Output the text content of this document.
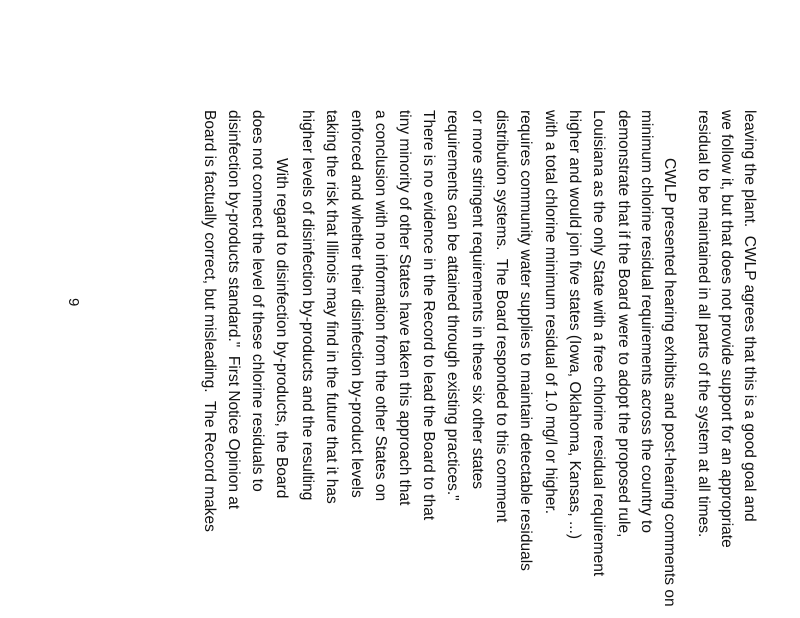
leaving the plant.  CWLP agrees that this is a good goal and
we follow it, but that does not provide support for an appropriate
residual to be maintained in all parts of the system at all times.
CWLP presented hearing exhibits and post-hearing comments on
minimum chlorine residual requirements across the country to
demonstrate that if the Board were to adopt the proposed rule,
Louisiana as the only State with a free chlorine residual requirement
higher and would join five states (Iowa, Oklahoma, Kansas, ...)
with a total chlorine minimum residual of 1.0 mg/l or higher.
requires community water supplies to maintain detectable residuals
distribution systems.  The Board responded to this comment
or more stringent requirements in these six other states
requirements can be attained through existing practices."
There is no evidence in the Record to lead the Board to that
tiny minority of other States have taken this approach that
a conclusion with no information from the other States on
enforced and whether their disinfection by-product levels
taking the risk that Illinois may find in the future that it has
higher levels of disinfection by-products and the resulting
With regard to disinfection by-products, the Board
does not connect the level of these chlorine residuals to
disinfection by-products standard."  First Notice Opinion at
Board is factually correct, but misleading.  The Record makes
9
